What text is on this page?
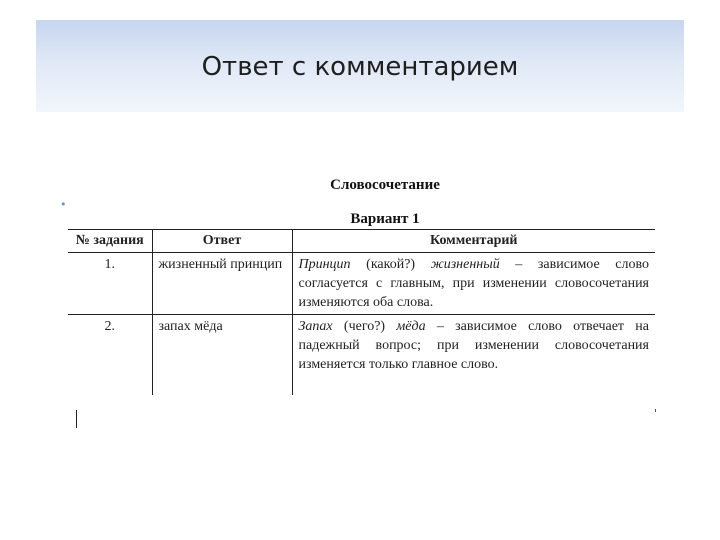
Ответ с комментарием
•
Словосочетание
Вариант 1
№ задания	Ответ	Комментарий
1.	жизненный принцип	Принцип (какой?) жизненный – зависимое слово согласуется с главным, при изменении словосочетания изменяются оба слова.
2.	запах мёда	Запах (чего?) мёда – зависимое слово отвечает на падежный вопрос; при изменении словосочетания изменяется только главное слово.
